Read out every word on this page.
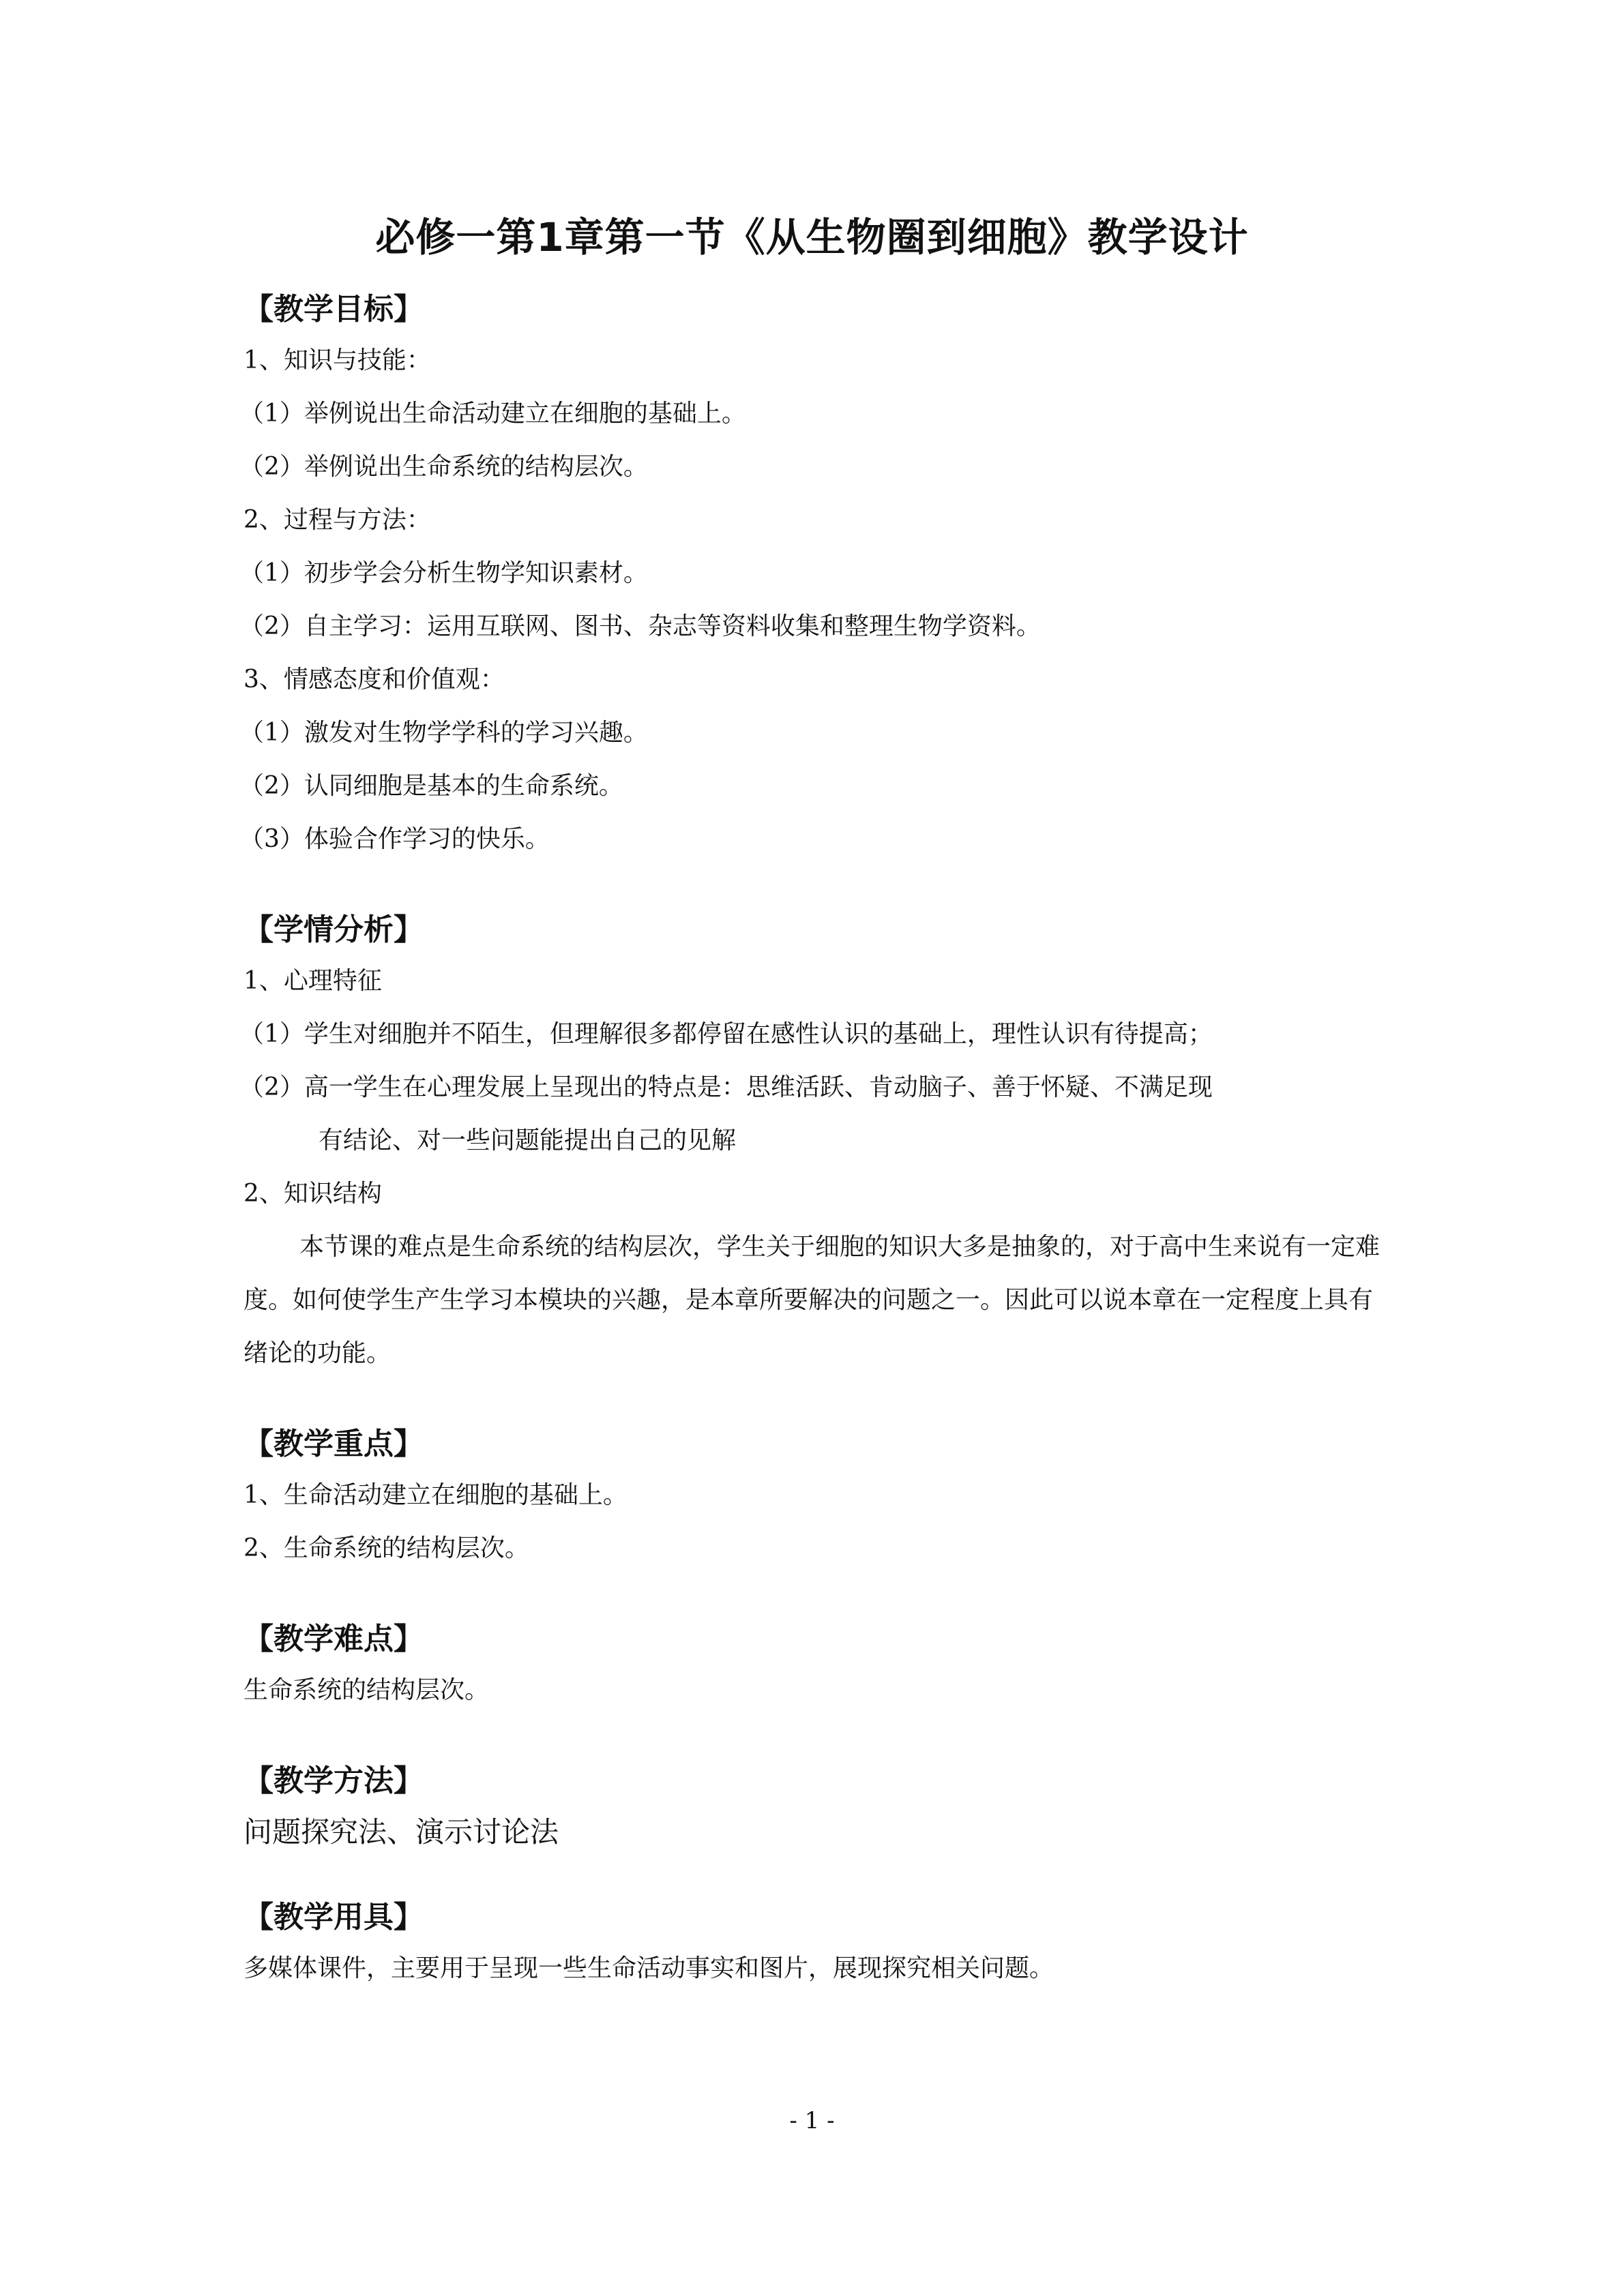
必修一第1章第一节《从生物圈到细胞》教学设计
【教学目标】
1、知识与技能：
（1）举例说出生命活动建立在细胞的基础上。
（2）举例说出生命系统的结构层次。
2、过程与方法：
（1）初步学会分析生物学知识素材。
（2）自主学习：运用互联网、图书、杂志等资料收集和整理生物学资料。
3、情感态度和价值观：
（1）激发对生物学学科的学习兴趣。
（2）认同细胞是基本的生命系统。
（3）体验合作学习的快乐。
【学情分析】
1、心理特征
（1）学生对细胞并不陌生，但理解很多都停留在感性认识的基础上，理性认识有待提高；
（2）高一学生在心理发展上呈现出的特点是：思维活跃、肯动脑子、善于怀疑、不满足现
有结论、对一些问题能提出自己的见解
2、知识结构

本节课的难点是生命系统的结构层次，学生关于细胞的知识大多是抽象的，对于高中生来说有一定难度。如何使学生产生学习本模块的兴趣，是本章所要解决的问题之一。因此可以说本章在一定程度上具有绪论的功能。

【教学重点】
1、生命活动建立在细胞的基础上。
2、生命系统的结构层次。
【教学难点】
生命系统的结构层次。
【教学方法】
问题探究法、演示讨论法
【教学用具】
多媒体课件，主要用于呈现一些生命活动事实和图片，展现探究相关问题。
- 1 -
